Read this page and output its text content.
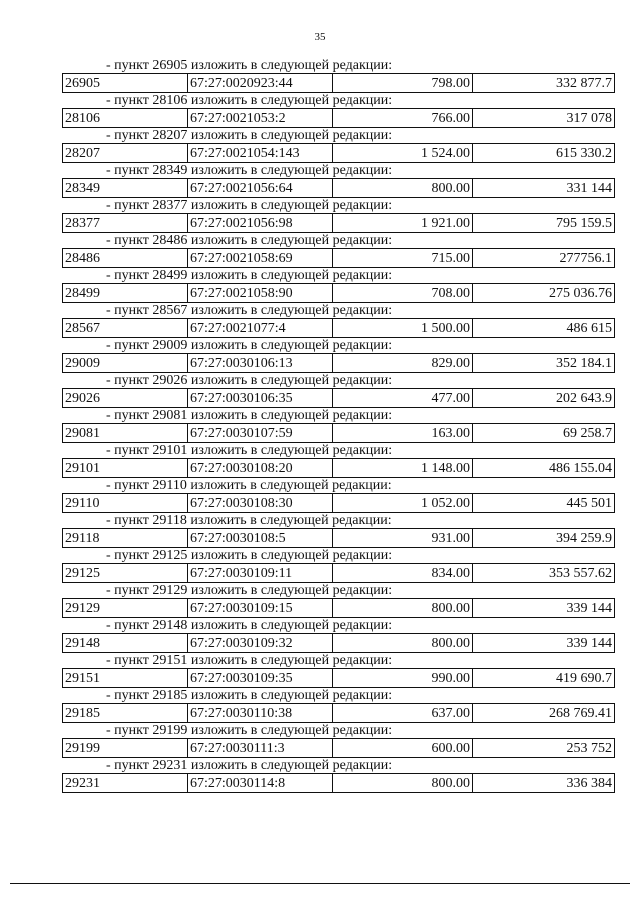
35
- пункт 26905 изложить в следующей редакции:
26905	67:27:0020923:44	798.00	332 877.7
- пункт 28106 изложить в следующей редакции:
28106	67:27:0021053:2	766.00	317 078
- пункт 28207 изложить в следующей редакции:
28207	67:27:0021054:143	1 524.00	615 330.2
- пункт 28349 изложить в следующей редакции:
28349	67:27:0021056:64	800.00	331 144
- пункт 28377 изложить в следующей редакции:
28377	67:27:0021056:98	1 921.00	795 159.5
- пункт 28486 изложить в следующей редакции:
28486	67:27:0021058:69	715.00	277756.1
- пункт 28499 изложить в следующей редакции:
28499	67:27:0021058:90	708.00	275 036.76
- пункт 28567 изложить в следующей редакции:
28567	67:27:0021077:4	1 500.00	486 615
- пункт 29009 изложить в следующей редакции:
29009	67:27:0030106:13	829.00	352 184.1
- пункт 29026 изложить в следующей редакции:
29026	67:27:0030106:35	477.00	202 643.9
- пункт 29081 изложить в следующей редакции:
29081	67:27:0030107:59	163.00	69 258.7
- пункт 29101 изложить в следующей редакции:
29101	67:27:0030108:20	1 148.00	486 155.04
- пункт 29110 изложить в следующей редакции:
29110	67:27:0030108:30	1 052.00	445 501
- пункт 29118 изложить в следующей редакции:
29118	67:27:0030108:5	931.00	394 259.9
- пункт 29125 изложить в следующей редакции:
29125	67:27:0030109:11	834.00	353 557.62
- пункт 29129 изложить в следующей редакции:
29129	67:27:0030109:15	800.00	339 144
- пункт 29148 изложить в следующей редакции:
29148	67:27:0030109:32	800.00	339 144
- пункт 29151 изложить в следующей редакции:
29151	67:27:0030109:35	990.00	419 690.7
- пункт 29185 изложить в следующей редакции:
29185	67:27:0030110:38	637.00	268 769.41
- пункт 29199 изложить в следующей редакции:
29199	67:27:0030111:3	600.00	253 752
- пункт 29231 изложить в следующей редакции:
29231	67:27:0030114:8	800.00	336 384
